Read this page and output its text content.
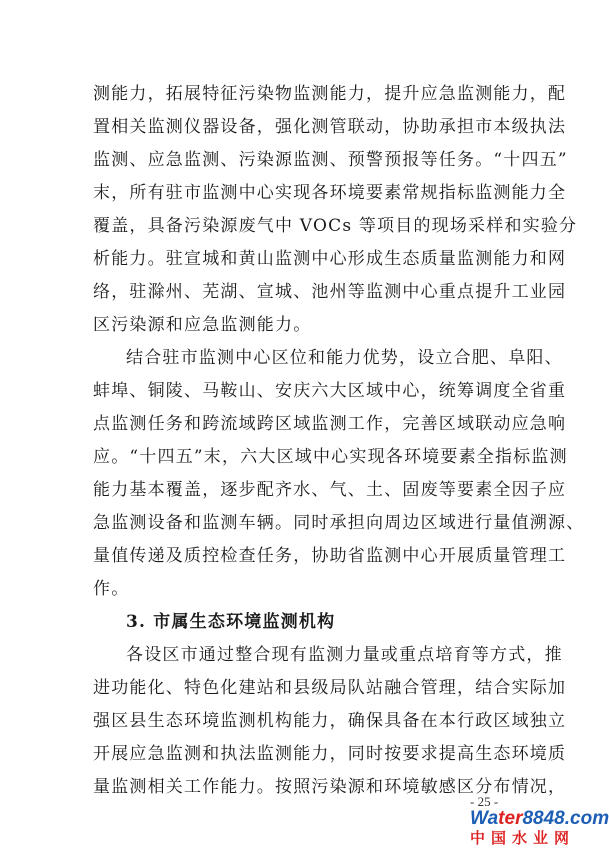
测能力，拓展特征污染物监测能力，提升应急监测能力，配
置相关监测仪器设备，强化测管联动，协助承担市本级执法
监测、应急监测、污染源监测、预警预报等任务。“十四五”
末，所有驻市监测中心实现各环境要素常规指标监测能力全
覆盖，具备污染源废气中 VOCs 等项目的现场采样和实验分
析能力。驻宣城和黄山监测中心形成生态质量监测能力和网
络，驻滁州、芜湖、宣城、池州等监测中心重点提升工业园
区污染源和应急监测能力。
结合驻市监测中心区位和能力优势，设立合肥、阜阳、
蚌埠、铜陵、马鞍山、安庆六大区域中心，统筹调度全省重
点监测任务和跨流域跨区域监测工作，完善区域联动应急响
应。“十四五”末，六大区域中心实现各环境要素全指标监测
能力基本覆盖，逐步配齐水、气、土、固废等要素全因子应
急监测设备和监测车辆。同时承担向周边区域进行量值溯源、
量值传递及质控检查任务，协助省监测中心开展质量管理工
作。
3. 市属生态环境监测机构
各设区市通过整合现有监测力量或重点培育等方式，推
进功能化、特色化建站和县级局队站融合管理，结合实际加
强区县生态环境监测机构能力，确保具备在本行政区域独立
开展应急监测和执法监测能力，同时按要求提高生态环境质
量监测相关工作能力。按照污染源和环境敏感区分布情况，
- 25 -
Water8848.com
中国水业网
